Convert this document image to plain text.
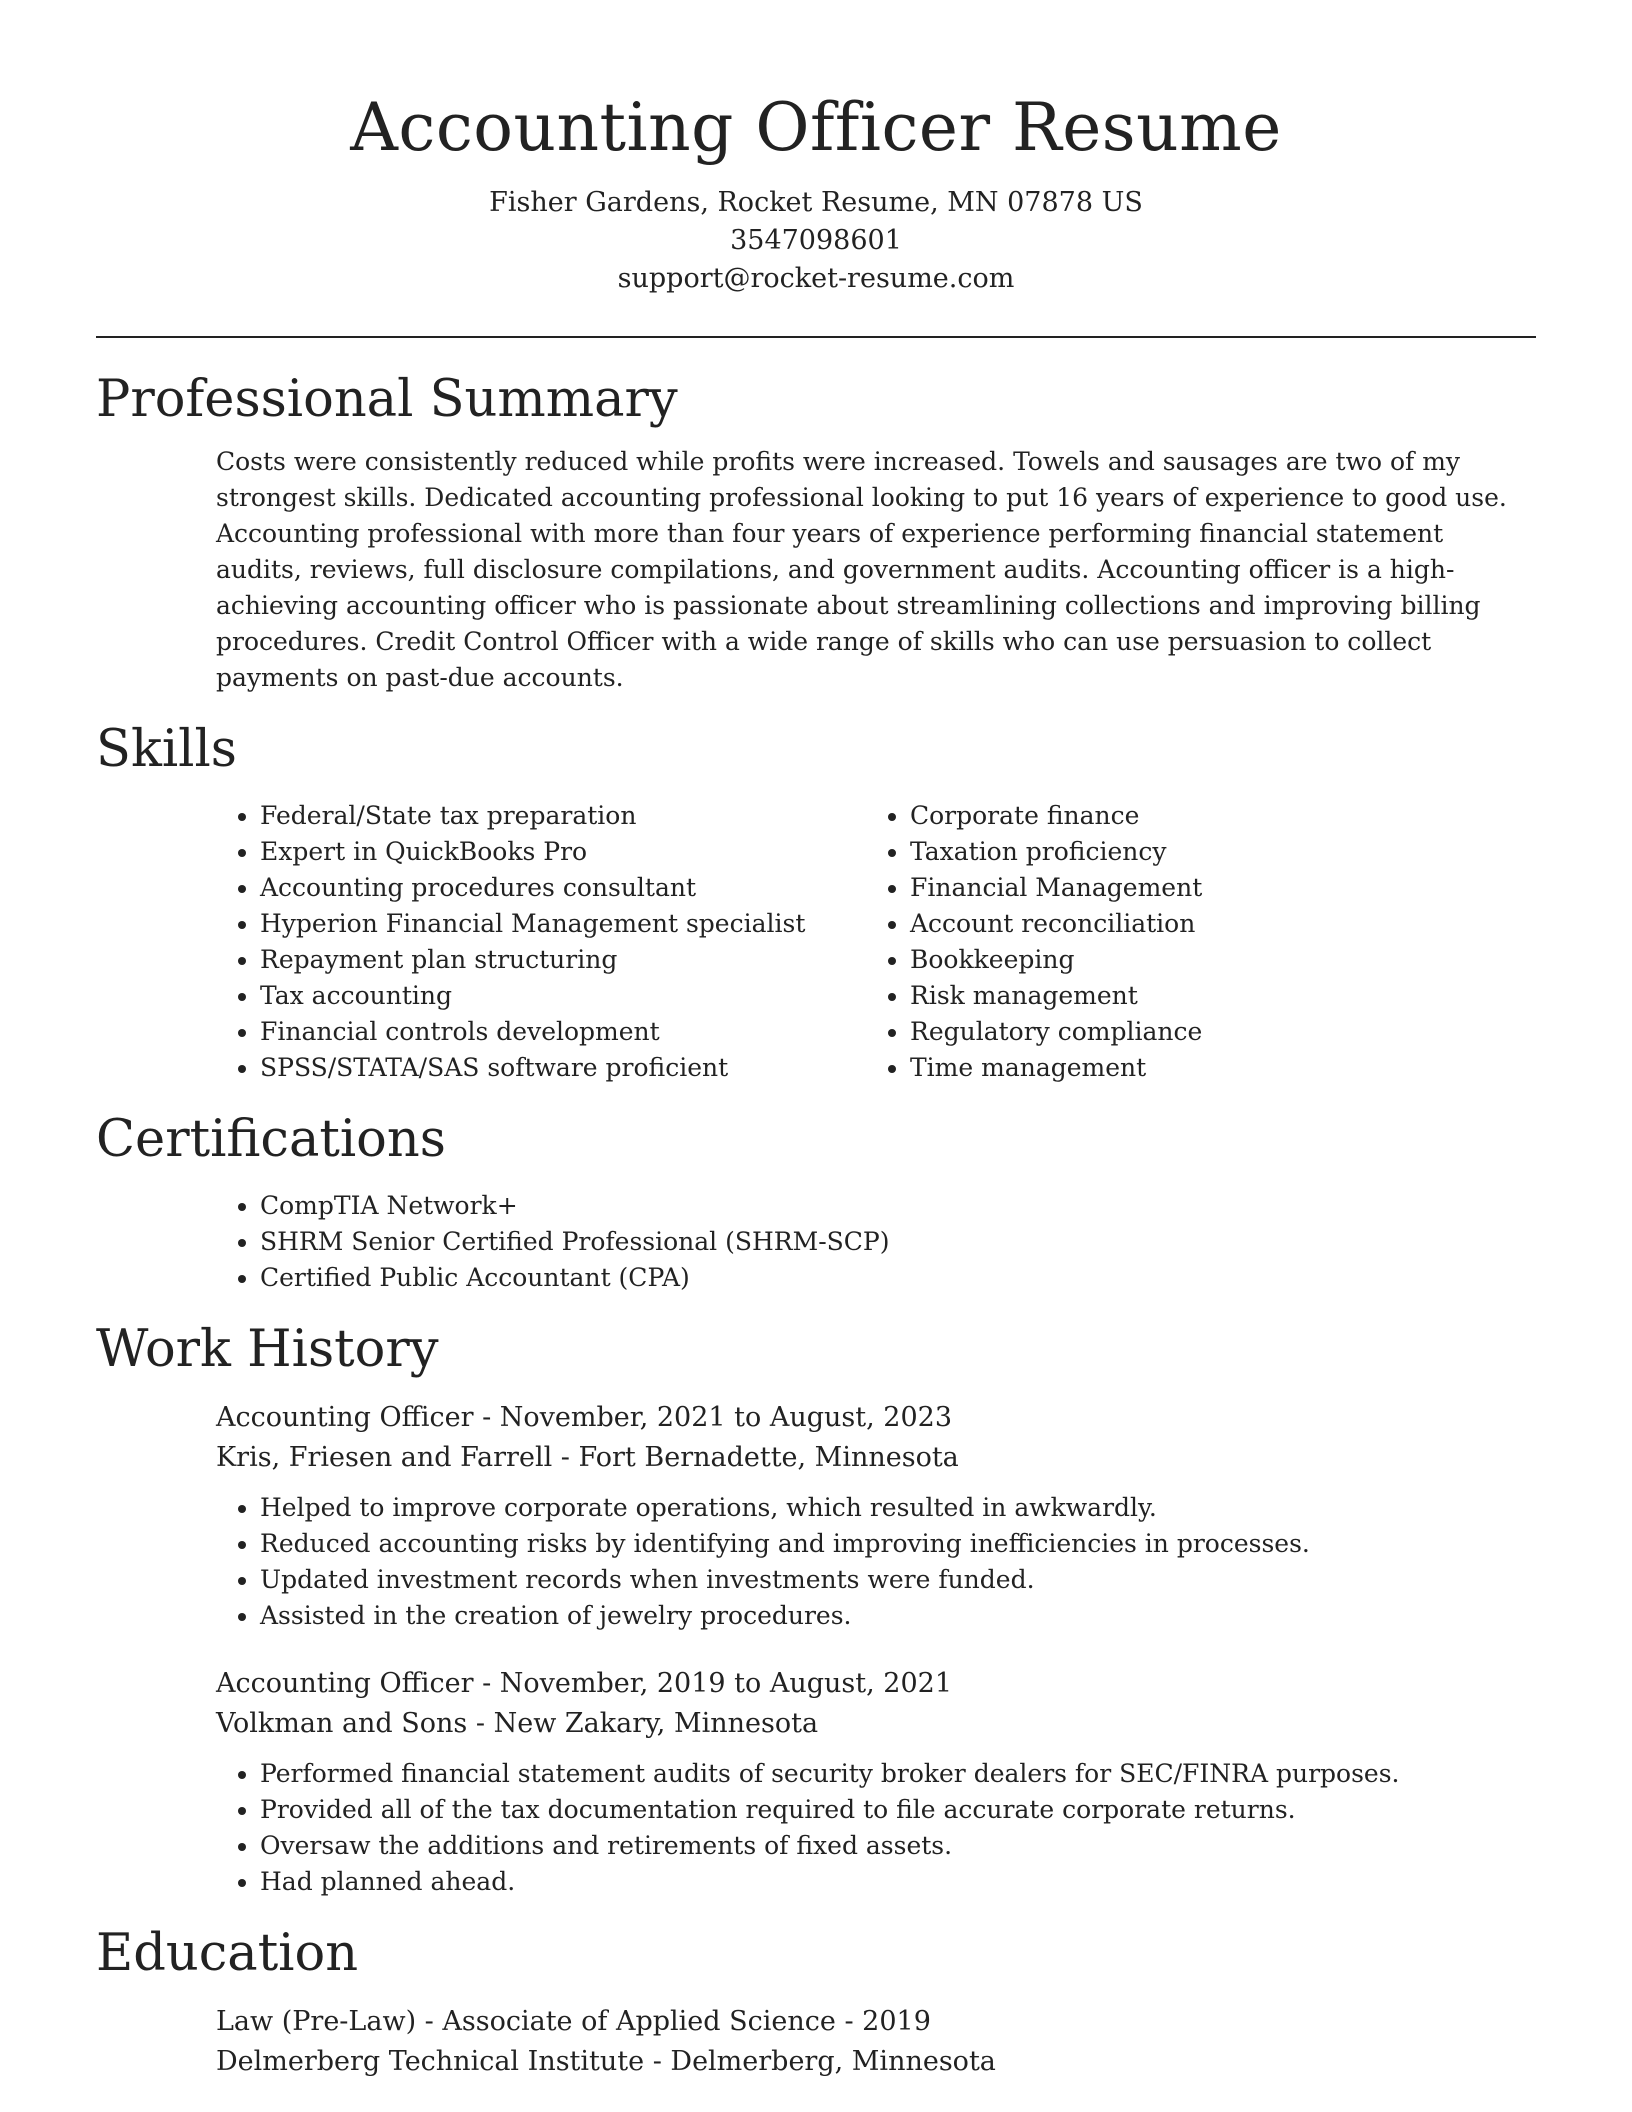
Accounting Officer Resume

Fisher Gardens, Rocket Resume, MN 07878 US

3547098601

support@rocket-resume.com

Professional Summary

Costs were consistently reduced while profits were increased. Towels and sausages are two of my strongest skills. Dedicated accounting professional looking to put 16 years of experience to good use. Accounting professional with more than four years of experience performing financial statement audits, reviews, full disclosure compilations, and government audits. Accounting officer is a high-achieving accounting officer who is passionate about streamlining collections and improving billing procedures. Credit Control Officer with a wide range of skills who can use persuasion to collect payments on past-due accounts.

Skills
• Federal/State tax preparation
• Expert in QuickBooks Pro
• Accounting procedures consultant
• Hyperion Financial Management specialist
• Repayment plan structuring
• Tax accounting
• Financial controls development
• SPSS/STATA/SAS software proficient
• Corporate finance
• Taxation proficiency
• Financial Management
• Account reconciliation
• Bookkeeping
• Risk management
• Regulatory compliance
• Time management
Certifications
• CompTIA Network+
• SHRM Senior Certified Professional (SHRM-SCP)
• Certified Public Accountant (CPA)
Work History

Accounting Officer - November, 2021 to August, 2023

Kris, Friesen and Farrell - Fort Bernadette, Minnesota

• Helped to improve corporate operations, which resulted in awkwardly.
• Reduced accounting risks by identifying and improving inefficiencies in processes.
• Updated investment records when investments were funded.
• Assisted in the creation of jewelry procedures.

Accounting Officer - November, 2019 to August, 2021

Volkman and Sons - New Zakary, Minnesota

• Performed financial statement audits of security broker dealers for SEC/FINRA purposes.
• Provided all of the tax documentation required to file accurate corporate returns.
• Oversaw the additions and retirements of fixed assets.
• Had planned ahead.
Education

Law (Pre-Law) - Associate of Applied Science - 2019

Delmerberg Technical Institute - Delmerberg, Minnesota
